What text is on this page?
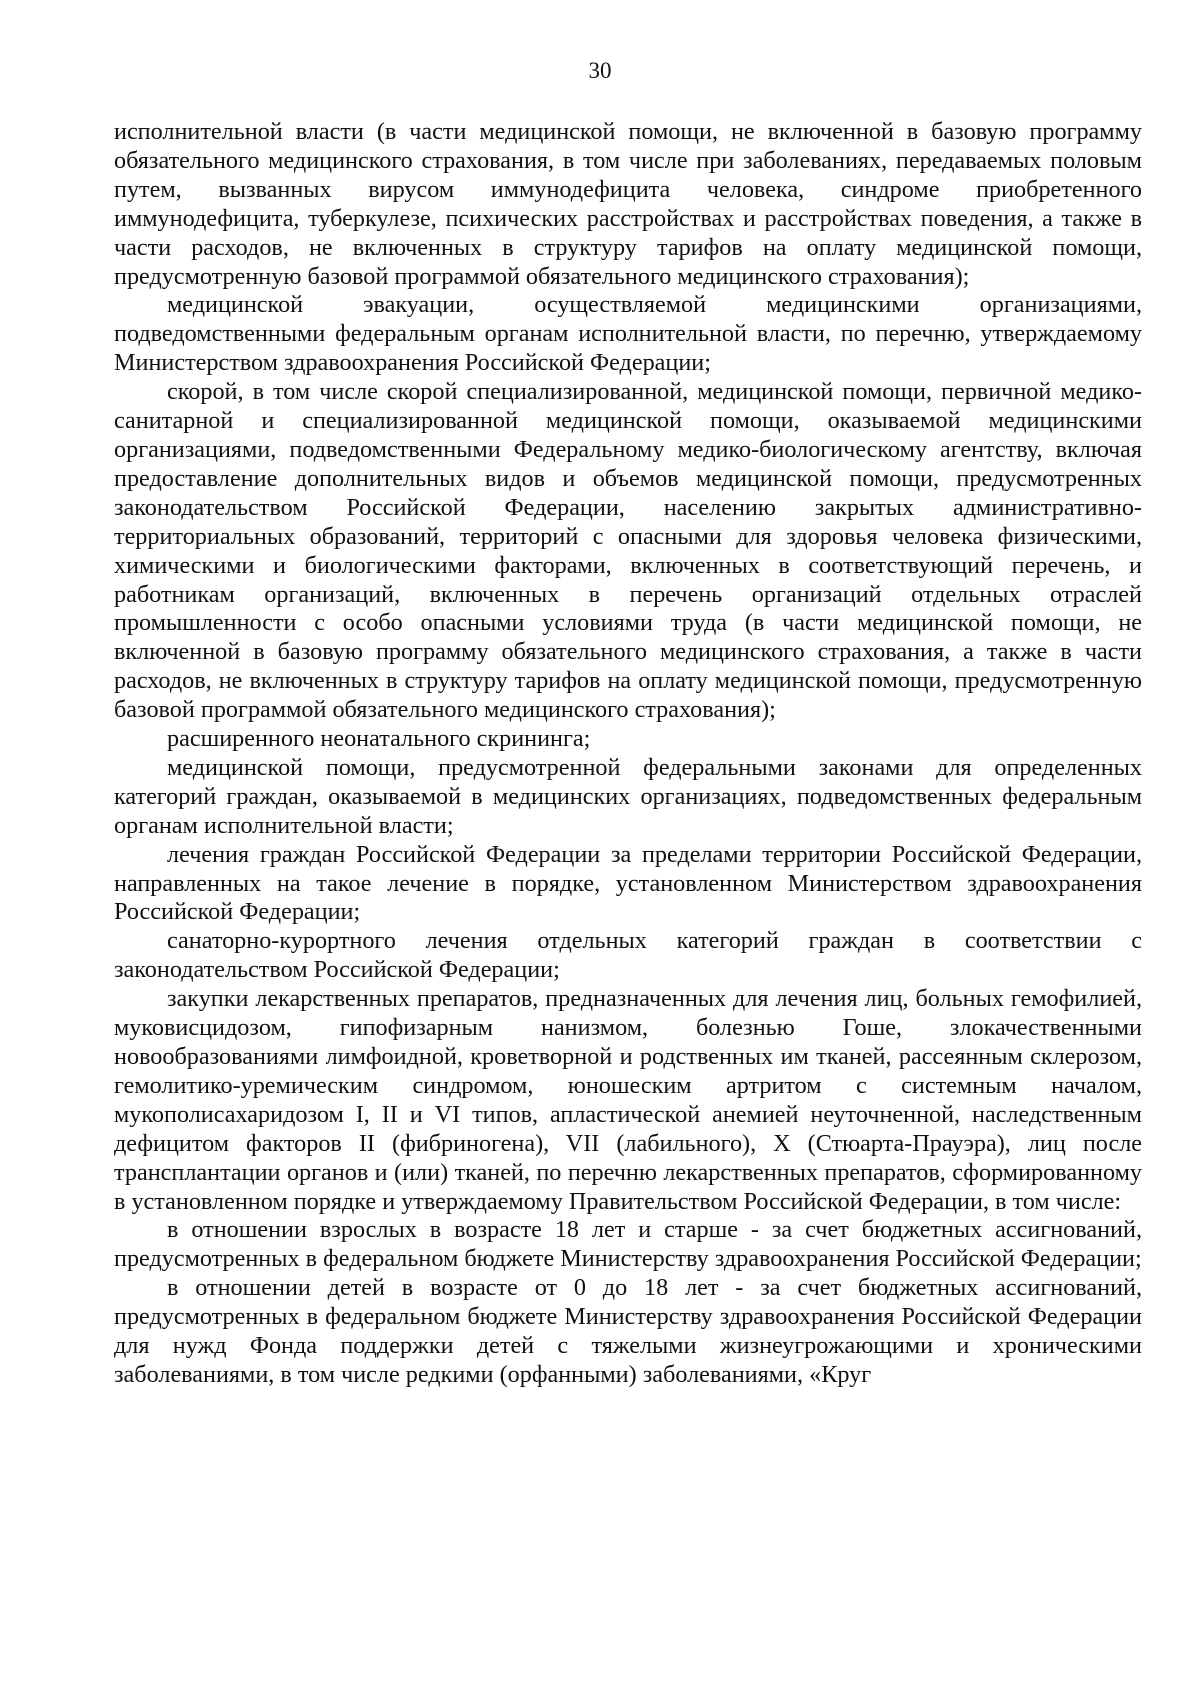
30

исполнительной власти (в части медицинской помощи, не включенной в базовую программу обязательного медицинского страхования, в том числе при заболеваниях, передаваемых половым путем, вызванных вирусом иммунодефицита человека, синдроме приобретенного иммунодефицита, туберкулезе, психических расстройствах и расстройствах поведения, а также в части расходов, не включенных в структуру тарифов на оплату медицинской помощи, предусмотренную базовой программой обязательного медицинского страхования);

медицинской эвакуации, осуществляемой медицинскими организациями, подведомственными федеральным органам исполнительной власти, по перечню, утверждаемому Министерством здравоохранения Российской Федерации;

скорой, в том числе скорой специализированной, медицинской помощи, первичной медико-санитарной и специализированной медицинской помощи, оказываемой медицинскими организациями, подведомственными Федеральному медико-биологическому агентству, включая предоставление дополнительных видов и объемов медицинской помощи, предусмотренных законодательством Российской Федерации, населению закрытых административно-территориальных образований, территорий с опасными для здоровья человека физическими, химическими и биологическими факторами, включенных в соответствующий перечень, и работникам организаций, включенных в перечень организаций отдельных отраслей промышленности с особо опасными условиями труда (в части медицинской помощи, не включенной в базовую программу обязательного медицинского страхования, а также в части расходов, не включенных в структуру тарифов на оплату медицинской помощи, предусмотренную базовой программой обязательного медицинского страхования);

расширенного неонатального скрининга;

медицинской помощи, предусмотренной федеральными законами для определенных категорий граждан, оказываемой в медицинских организациях, подведомственных федеральным органам исполнительной власти;

лечения граждан Российской Федерации за пределами территории Российской Федерации, направленных на такое лечение в порядке, установленном Министерством здравоохранения Российской Федерации;

санаторно-курортного лечения отдельных категорий граждан в соответствии с законодательством Российской Федерации;

закупки лекарственных препаратов, предназначенных для лечения лиц, больных гемофилией, муковисцидозом, гипофизарным нанизмом, болезнью Гоше, злокачественными новообразованиями лимфоидной, кроветворной и родственных им тканей, рассеянным склерозом, гемолитико-уремическим синдромом, юношеским артритом с системным началом, мукополисахаридозом I, II и VI типов, апластической анемией неуточненной, наследственным дефицитом факторов II (фибриногена), VII (лабильного), X (Стюарта-Прауэра), лиц после трансплантации органов и (или) тканей, по перечню лекарственных препаратов, сформированному в установленном порядке и утверждаемому Правительством Российской Федерации, в том числе:

в отношении взрослых в возрасте 18 лет и старше - за счет бюджетных ассигнований, предусмотренных в федеральном бюджете Министерству здравоохранения Российской Федерации;

в отношении детей в возрасте от 0 до 18 лет - за счет бюджетных ассигнований, предусмотренных в федеральном бюджете Министерству здравоохранения Российской Федерации для нужд Фонда поддержки детей с тяжелыми жизнеугрожающими и хроническими заболеваниями, в том числе редкими (орфанными) заболеваниями, «Круг
